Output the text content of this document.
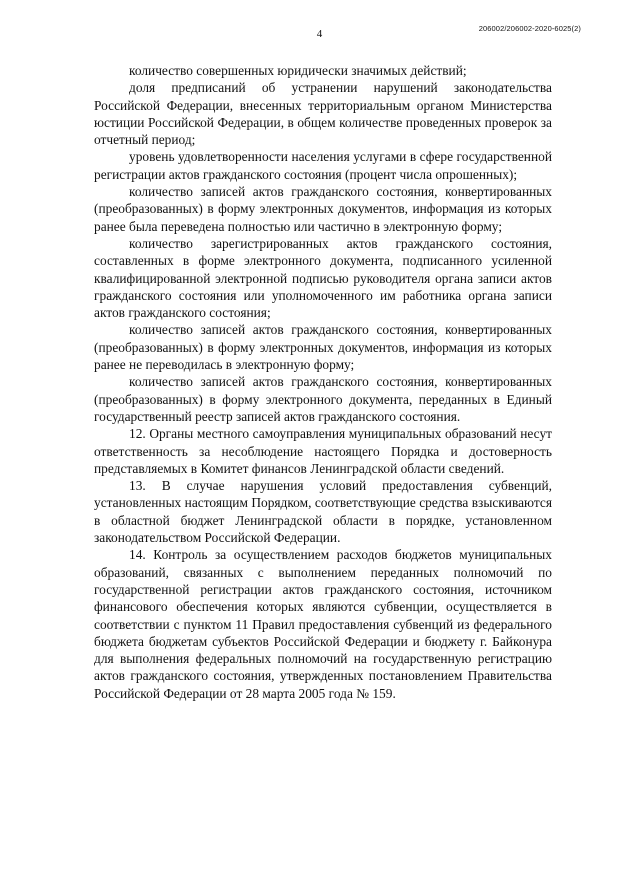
4	206002/206002-2020-6025(2)

количество совершенных юридически значимых действий;

доля предписаний об устранении нарушений законодательства Российской Федерации, внесенных территориальным органом Министерства юстиции Российской Федерации, в общем количестве проведенных проверок за отчетный период;

уровень удовлетворенности населения услугами в сфере государственной регистрации актов гражданского состояния (процент числа опрошенных);

количество записей актов гражданского состояния, конвертированных (преобразованных) в форму электронных документов, информация из которых ранее была переведена полностью или частично в электронную форму;

количество зарегистрированных актов гражданского состояния, составленных в форме электронного документа, подписанного усиленной квалифицированной электронной подписью руководителя органа записи актов гражданского состояния или уполномоченного им работника органа записи актов гражданского состояния;

количество записей актов гражданского состояния, конвертированных (преобразованных) в форму электронных документов, информация из которых ранее не переводилась в электронную форму;

количество записей актов гражданского состояния, конвертированных (преобразованных) в форму электронного документа, переданных в Единый государственный реестр записей актов гражданского состояния.

12. Органы местного самоуправления муниципальных образований несут ответственность за несоблюдение настоящего Порядка и достоверность представляемых в Комитет финансов Ленинградской области сведений.

13. В случае нарушения условий предоставления субвенций, установленных настоящим Порядком, соответствующие средства взыскиваются в областной бюджет Ленинградской области в порядке, установленном законодательством Российской Федерации.

14. Контроль за осуществлением расходов бюджетов муниципальных образований, связанных с выполнением переданных полномочий по государственной регистрации актов гражданского состояния, источником финансового обеспечения которых являются субвенции, осуществляется в соответствии с пунктом 11 Правил предоставления субвенций из федерального бюджета бюджетам субъектов Российской Федерации и бюджету г. Байконура для выполнения федеральных полномочий на государственную регистрацию актов гражданского состояния, утвержденных постановлением Правительства Российской Федерации от 28 марта 2005 года № 159.
